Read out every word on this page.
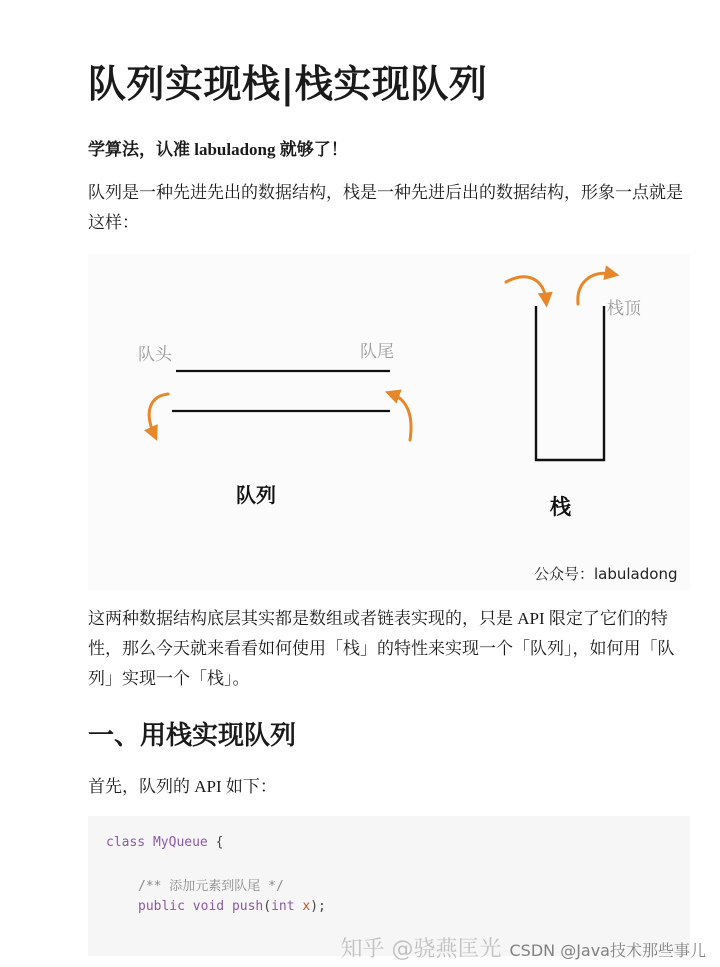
队列实现栈|栈实现队列

学算法，认准 labuladong 就够了！

队列是一种先进先出的数据结构，栈是一种先进后出的数据结构，形象一点就是这样：

这两种数据结构底层其实都是数组或者链表实现的，只是 API 限定了它们的特性，那么今天就来看看如何使用「栈」的特性来实现一个「队列」，如何用「队列」实现一个「栈」。

一、用栈实现队列

首先，队列的 API 如下：

队头	队尾
队列
栈顶
栈
公众号：labuladong
class MyQueue {
/** 添加元素到队尾 */
public void push(int x);
知乎 @骁燕匡光 CSDN @Java技术那些事儿
